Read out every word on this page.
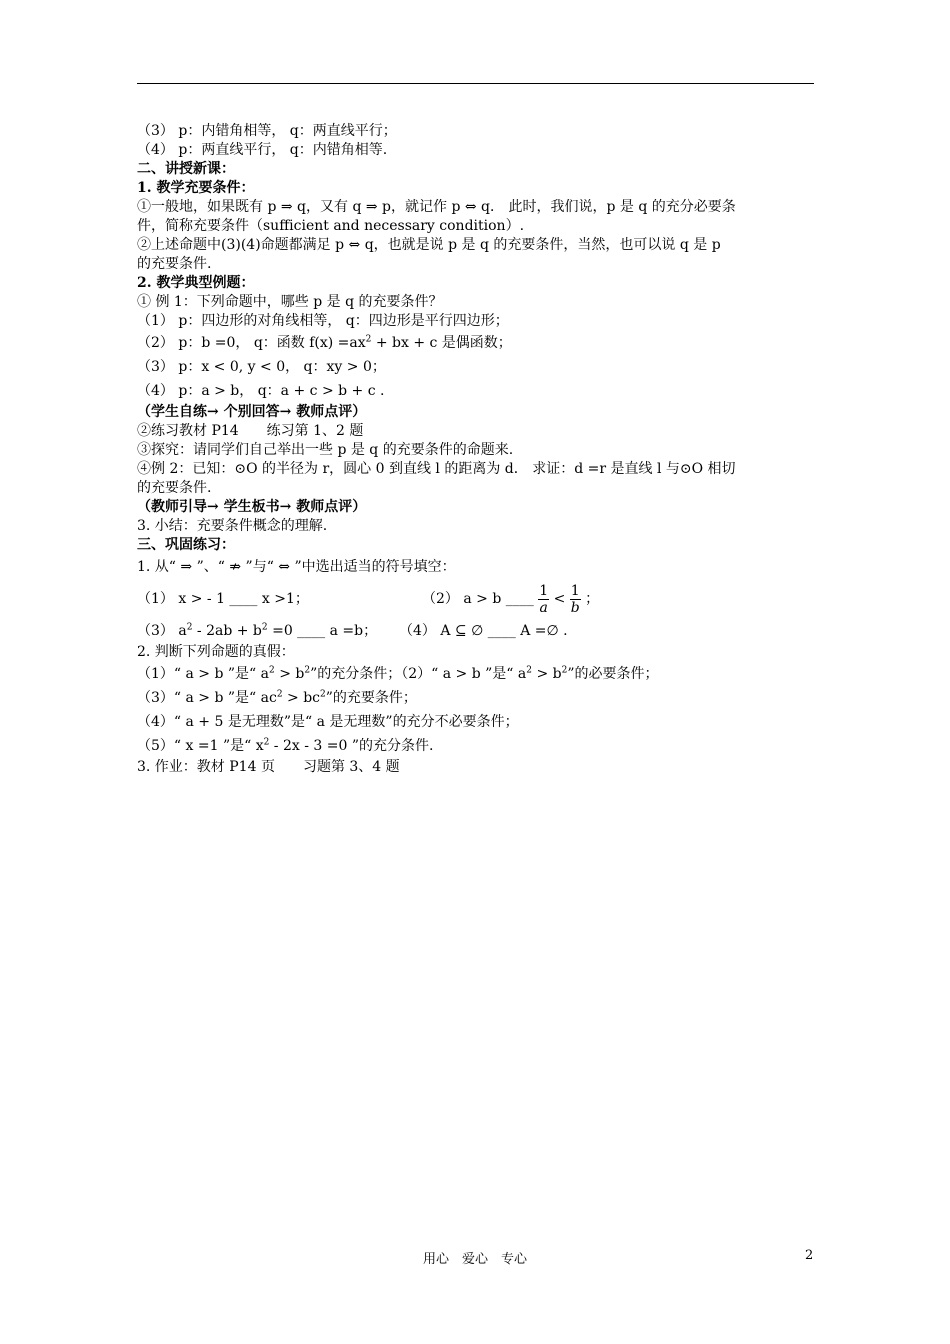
（3） p：内错角相等， q：两直线平行；
（4） p：两直线平行， q：内错角相等.
二、讲授新课：
1. 教学充要条件：
①一般地，如果既有 p ⇒ q，又有 q ⇒ p，就记作 p ⇔ q． 此时，我们说，p 是 q 的充分必要条
件，简称充要条件（sufficient and necessary condition）.
②上述命题中(3)(4)命题都满足 p ⇔ q，也就是说 p 是 q 的充要条件，当然，也可以说 q 是 p
的充要条件.
2. 教学典型例题：
① 例 1：下列命题中，哪些 p 是 q 的充要条件？
（1） p：四边形的对角线相等， q：四边形是平行四边形；
（2） p：b =0， q：函数 $f(x) =ax^2$ + bx + c 是偶函数；
（3） p：x < 0, y < 0， q：xy > 0；
（4） p：a > b， q：a + c > b + c .
（学生自练→ 个别回答→ 教师点评）
②练习教材 P14　　练习第 1、2 题
③探究：请同学们自己举出一些 p 是 q 的充要条件的命题来.
④例 2：已知：⊙O 的半径为 r，圆心 0 到直线 l 的距离为 d． 求证：d =r 是直线 l 与⊙O 相切
的充要条件.
（教师引导→ 学生板书→ 教师点评）
3. 小结：充要条件概念的理解.
三、巩固练习：
1. 从“ ⇒ ”、“ ⇏ ”与“ ⇔ ”中选出适当的符号填空：
（1） x > - 1 ____ x >1；	（2） a > b ____ $\frac{1}{a} < \frac{1}{b}$ ；
（3） $a^2 - 2ab + b^2 =0$ ____ a =b； （4） A ⊆ ∅ ____ A =∅ .
2. 判断下列命题的真假：
（1）“ a > b ”是“ $a^2 > b^2$”的充分条件；（2）“ a > b ”是“ $a^2 > b^2$”的必要条件；
（3）“ a > b ”是“ $ac^2 > bc^2$”的充要条件；
（4）“ a + 5 是无理数”是“ a 是无理数”的充分不必要条件；
（5）“ x =1 ”是“ $x^2 - 2x - 3 =0$ ”的充分条件.
3. 作业：教材 P14 页　　习题第 3、4 题
用心　爱心　专心	2
